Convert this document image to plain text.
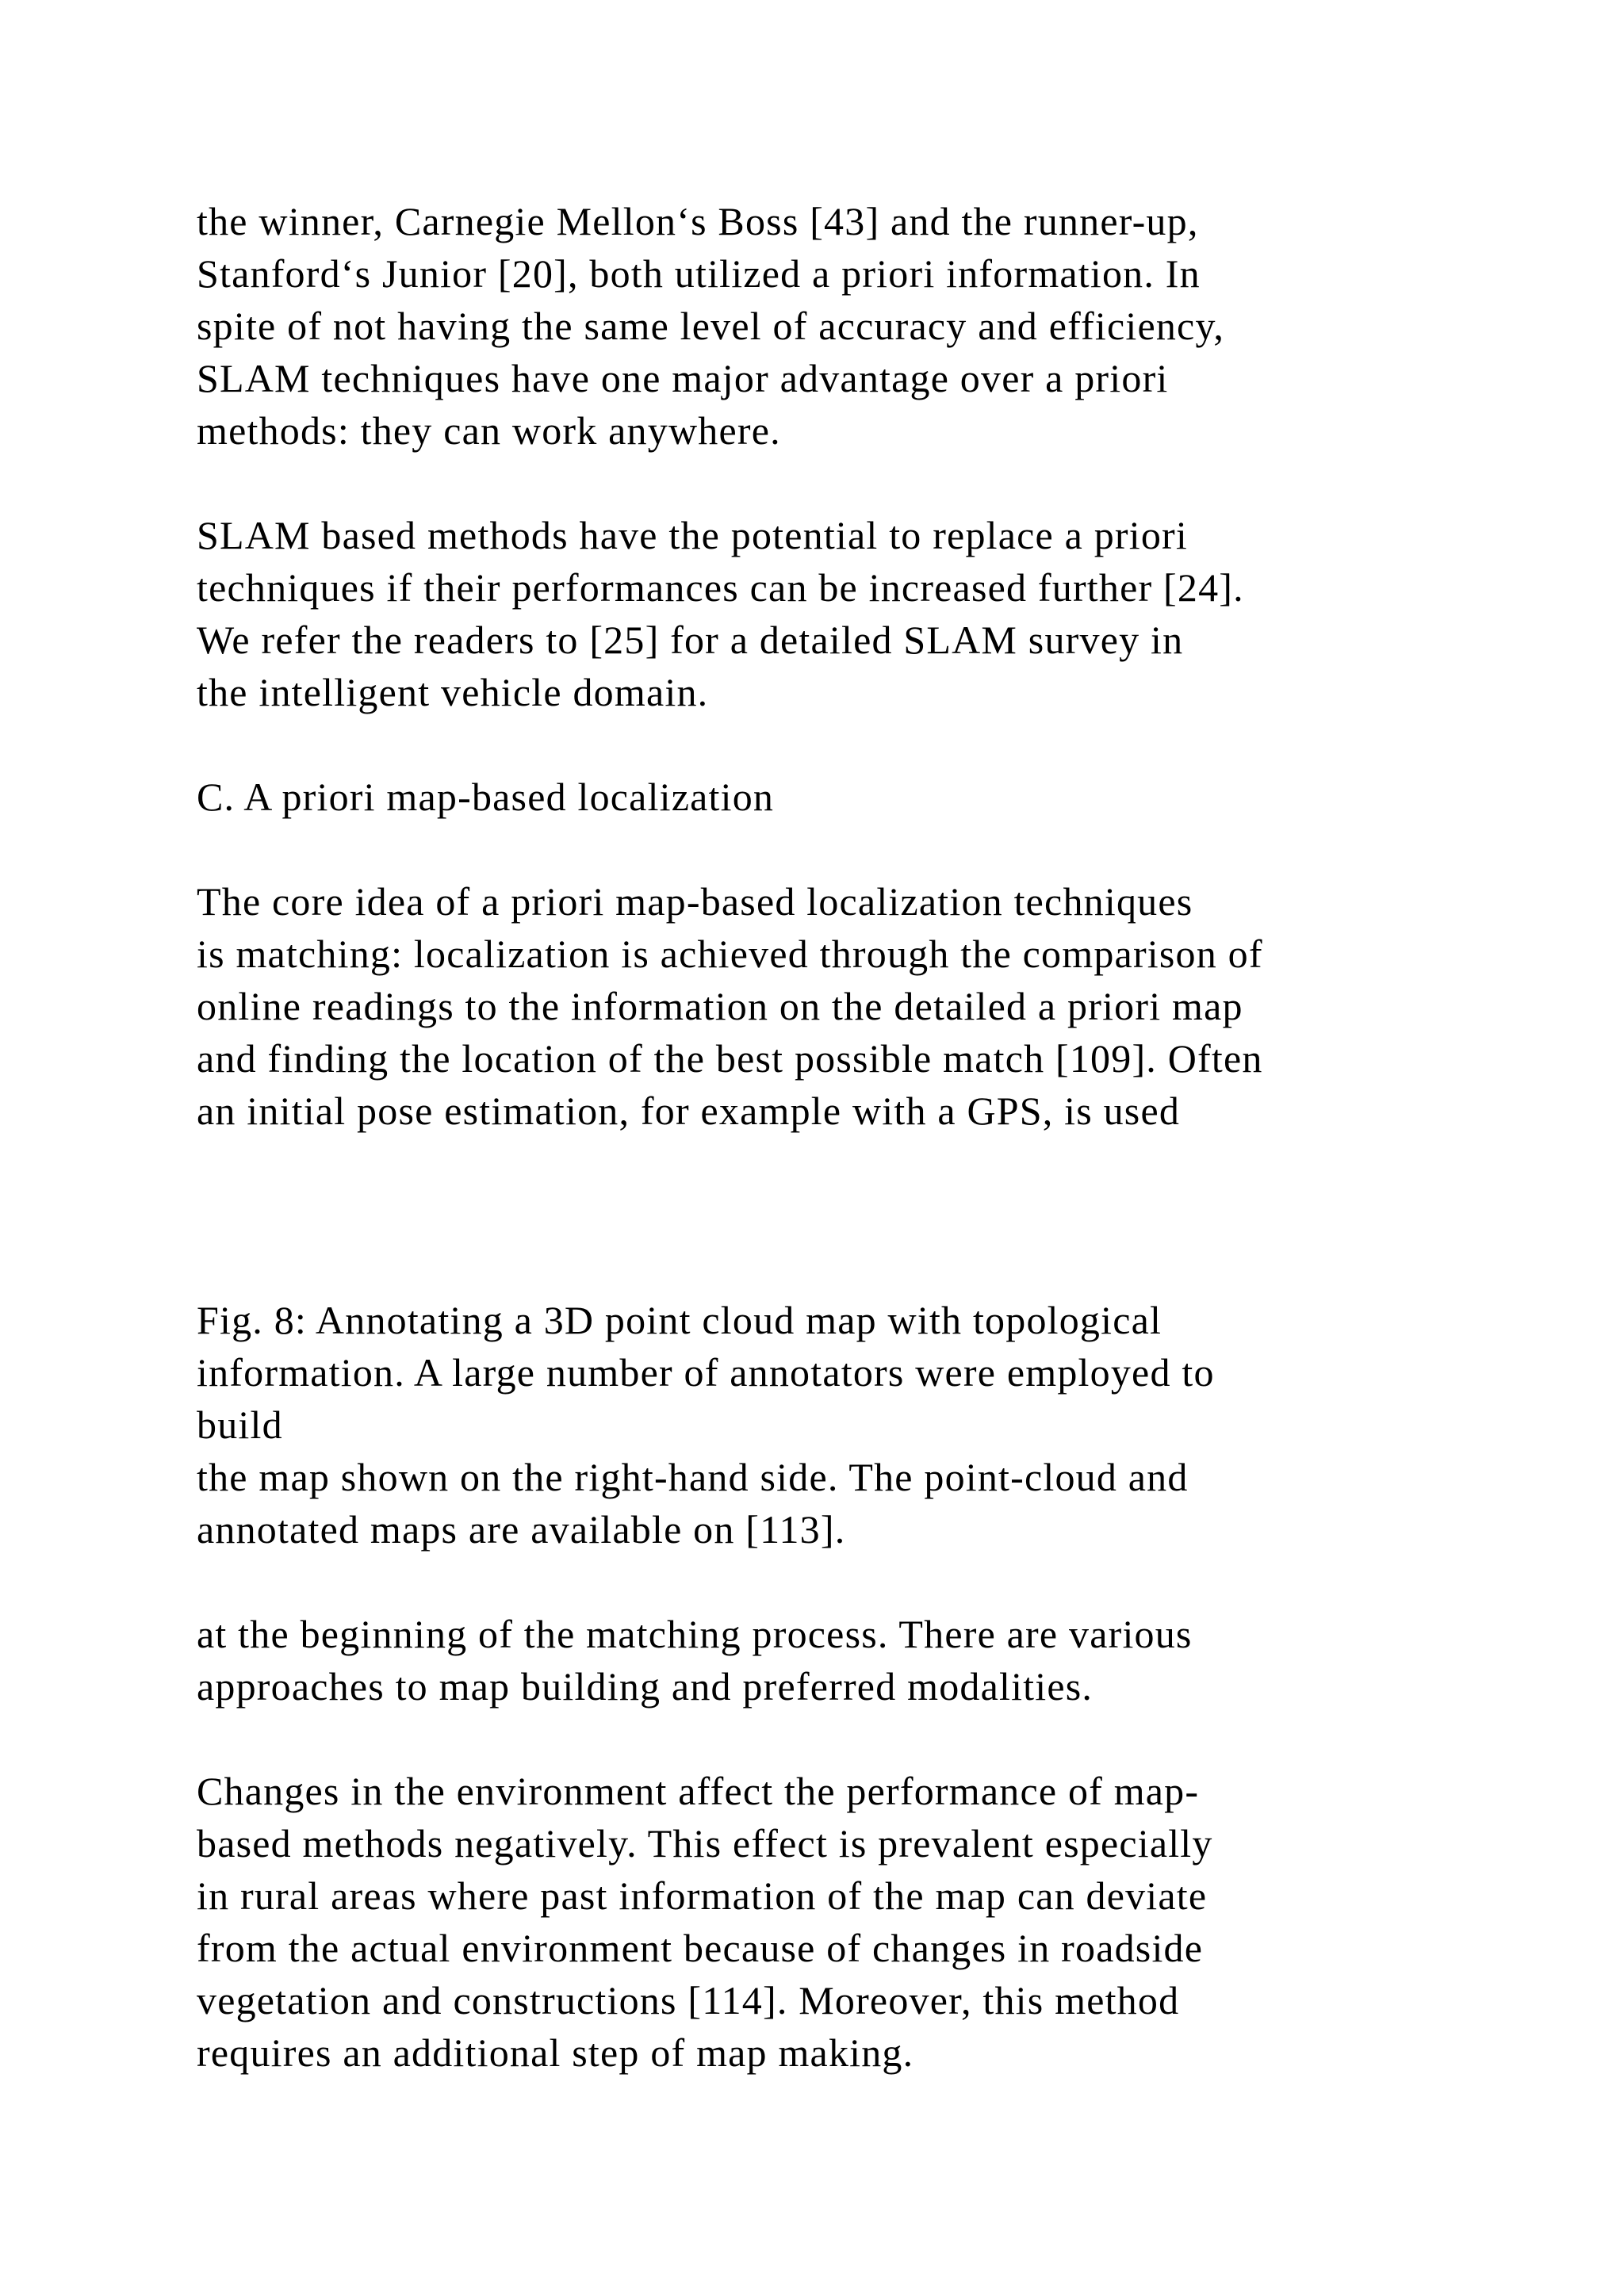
the winner, Carnegie Mellon‘s Boss [43] and the runner-up,
Stanford‘s Junior [20], both utilized a priori information. In
spite of not having the same level of accuracy and efficiency,
SLAM techniques have one major advantage over a priori
methods: they can work anywhere.

SLAM based methods have the potential to replace a priori
techniques if their performances can be increased further [24].
We refer the readers to [25] for a detailed SLAM survey in
the intelligent vehicle domain.

C. A priori map-based localization

The core idea of a priori map-based localization techniques
is matching: localization is achieved through the comparison of
online readings to the information on the detailed a priori map
and finding the location of the best possible match [109]. Often
an initial pose estimation, for example with a GPS, is used

Fig. 8: Annotating a 3D point cloud map with topological
information. A large number of annotators were employed to
build
the map shown on the right-hand side. The point-cloud and
annotated maps are available on [113].

at the beginning of the matching process. There are various
approaches to map building and preferred modalities.

Changes in the environment affect the performance of map-
based methods negatively. This effect is prevalent especially
in rural areas where past information of the map can deviate
from the actual environment because of changes in roadside
vegetation and constructions [114]. Moreover, this method
requires an additional step of map making.
